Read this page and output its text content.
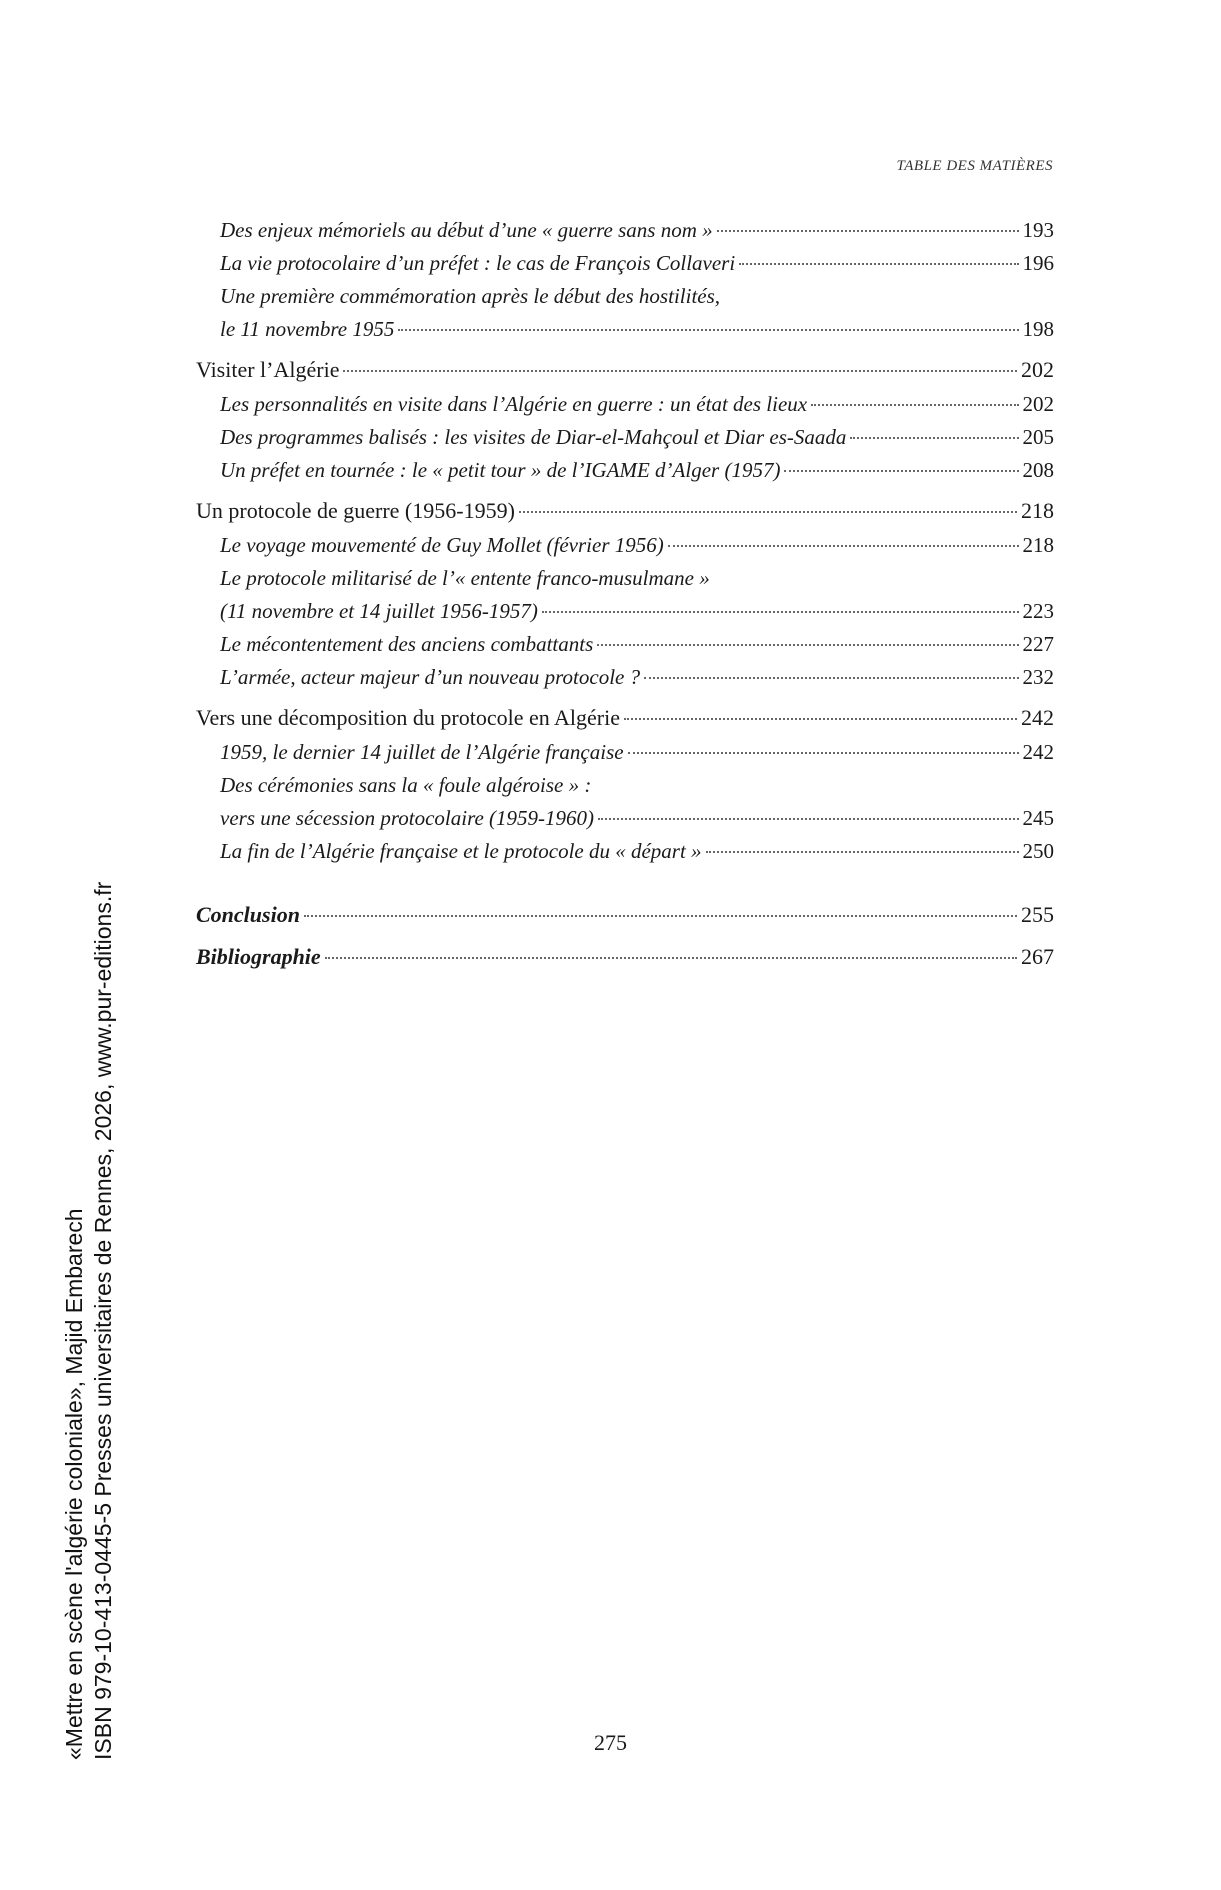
TABLE DES MATIÈRES
Des enjeux mémoriels au début d’une « guerre sans nom »	193
La vie protocolaire d’un préfet : le cas de François Collaveri	196
Une première commémoration après le début des hostilités,
le 11 novembre 1955	198
Visiter l’Algérie	202
Les personnalités en visite dans l’Algérie en guerre : un état des lieux	202
Des programmes balisés : les visites de Diar-el-Mahçoul et Diar es-Saada	205
Un préfet en tournée : le « petit tour » de l’IGAME d’Alger (1957)	208
Un protocole de guerre (1956-1959)	218
Le voyage mouvementé de Guy Mollet (février 1956)	218
Le protocole militarisé de l’« entente franco-musulmane »
(11 novembre et 14 juillet 1956-1957)	223
Le mécontentement des anciens combattants	227
L’armée, acteur majeur d’un nouveau protocole ?	232
Vers une décomposition du protocole en Algérie	242
1959, le dernier 14 juillet de l’Algérie française	242
Des cérémonies sans la « foule algéroise » :
vers une sécession protocolaire (1959-1960)	245
La fin de l’Algérie française et le protocole du « départ »	250
Conclusion	255
Bibliographie	267
275
«Mettre en scène l'algérie coloniale», Majid Embarech ISBN 979-10-413-0445-5 Presses universitaires de Rennes, 2026, www.pur-editions.fr
